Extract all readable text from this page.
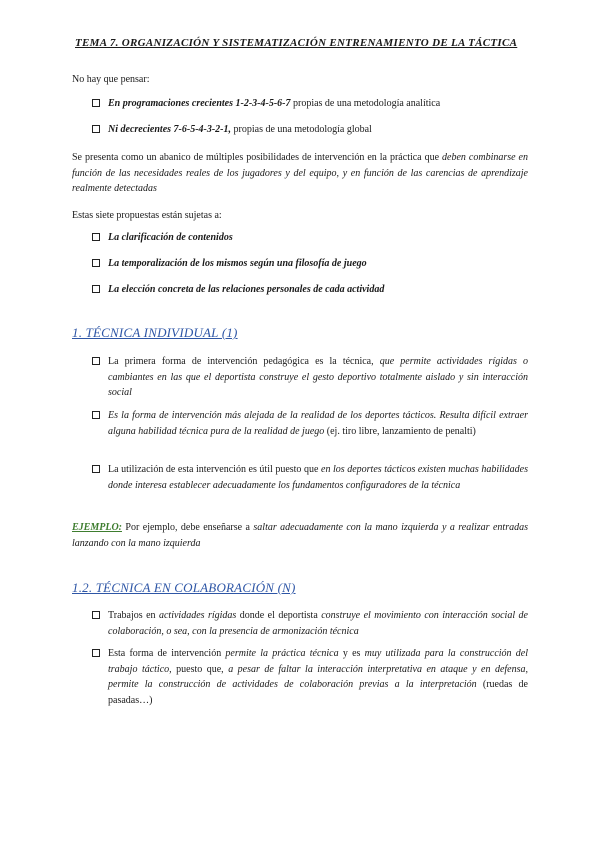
TEMA 7. ORGANIZACIÓN Y SISTEMATIZACIÓN ENTRENAMIENTO DE LA TÁCTICA
No hay que pensar:
En programaciones crecientes 1-2-3-4-5-6-7 propias de una metodología analítica
Ni decrecientes 7-6-5-4-3-2-1, propias de una metodología global
Se presenta como un abanico de múltiples posibilidades de intervención en la práctica que deben combinarse en función de las necesidades reales de los jugadores y del equipo, y en función de las carencias de aprendizaje realmente detectadas
Estas siete propuestas están sujetas a:
La clarificación de contenidos
La temporalización de los mismos según una filosofía de juego
La elección concreta de las relaciones personales de cada actividad
1. TÉCNICA INDIVIDUAL (1)
La primera forma de intervención pedagógica es la técnica, que permite actividades rígidas o cambiantes en las que el deportista construye el gesto deportivo totalmente aislado y sin interacción social
Es la forma de intervención más alejada de la realidad de los deportes tácticos. Resulta difícil extraer alguna habilidad técnica pura de la realidad de juego (ej. tiro libre, lanzamiento de penalti)
La utilización de esta intervención es útil puesto que en los deportes tácticos existen muchas habilidades donde interesa establecer adecuadamente los fundamentos configuradores de la técnica
EJEMPLO: Por ejemplo, debe enseñarse a saltar adecuadamente con la mano izquierda y a realizar entradas lanzando con la mano izquierda
1.2. TÉCNICA EN COLABORACIÓN (N)
Trabajos en actividades rígidas donde el deportista construye el movimiento con interacción social de colaboración, o sea, con la presencia de armonización técnica
Esta forma de intervención permite la práctica técnica y es muy utilizada para la construcción del trabajo táctico, puesto que, a pesar de faltar la interacción interpretativa en ataque y en defensa, permite la construcción de actividades de colaboración previas a la interpretación (ruedas de pasadas…)
